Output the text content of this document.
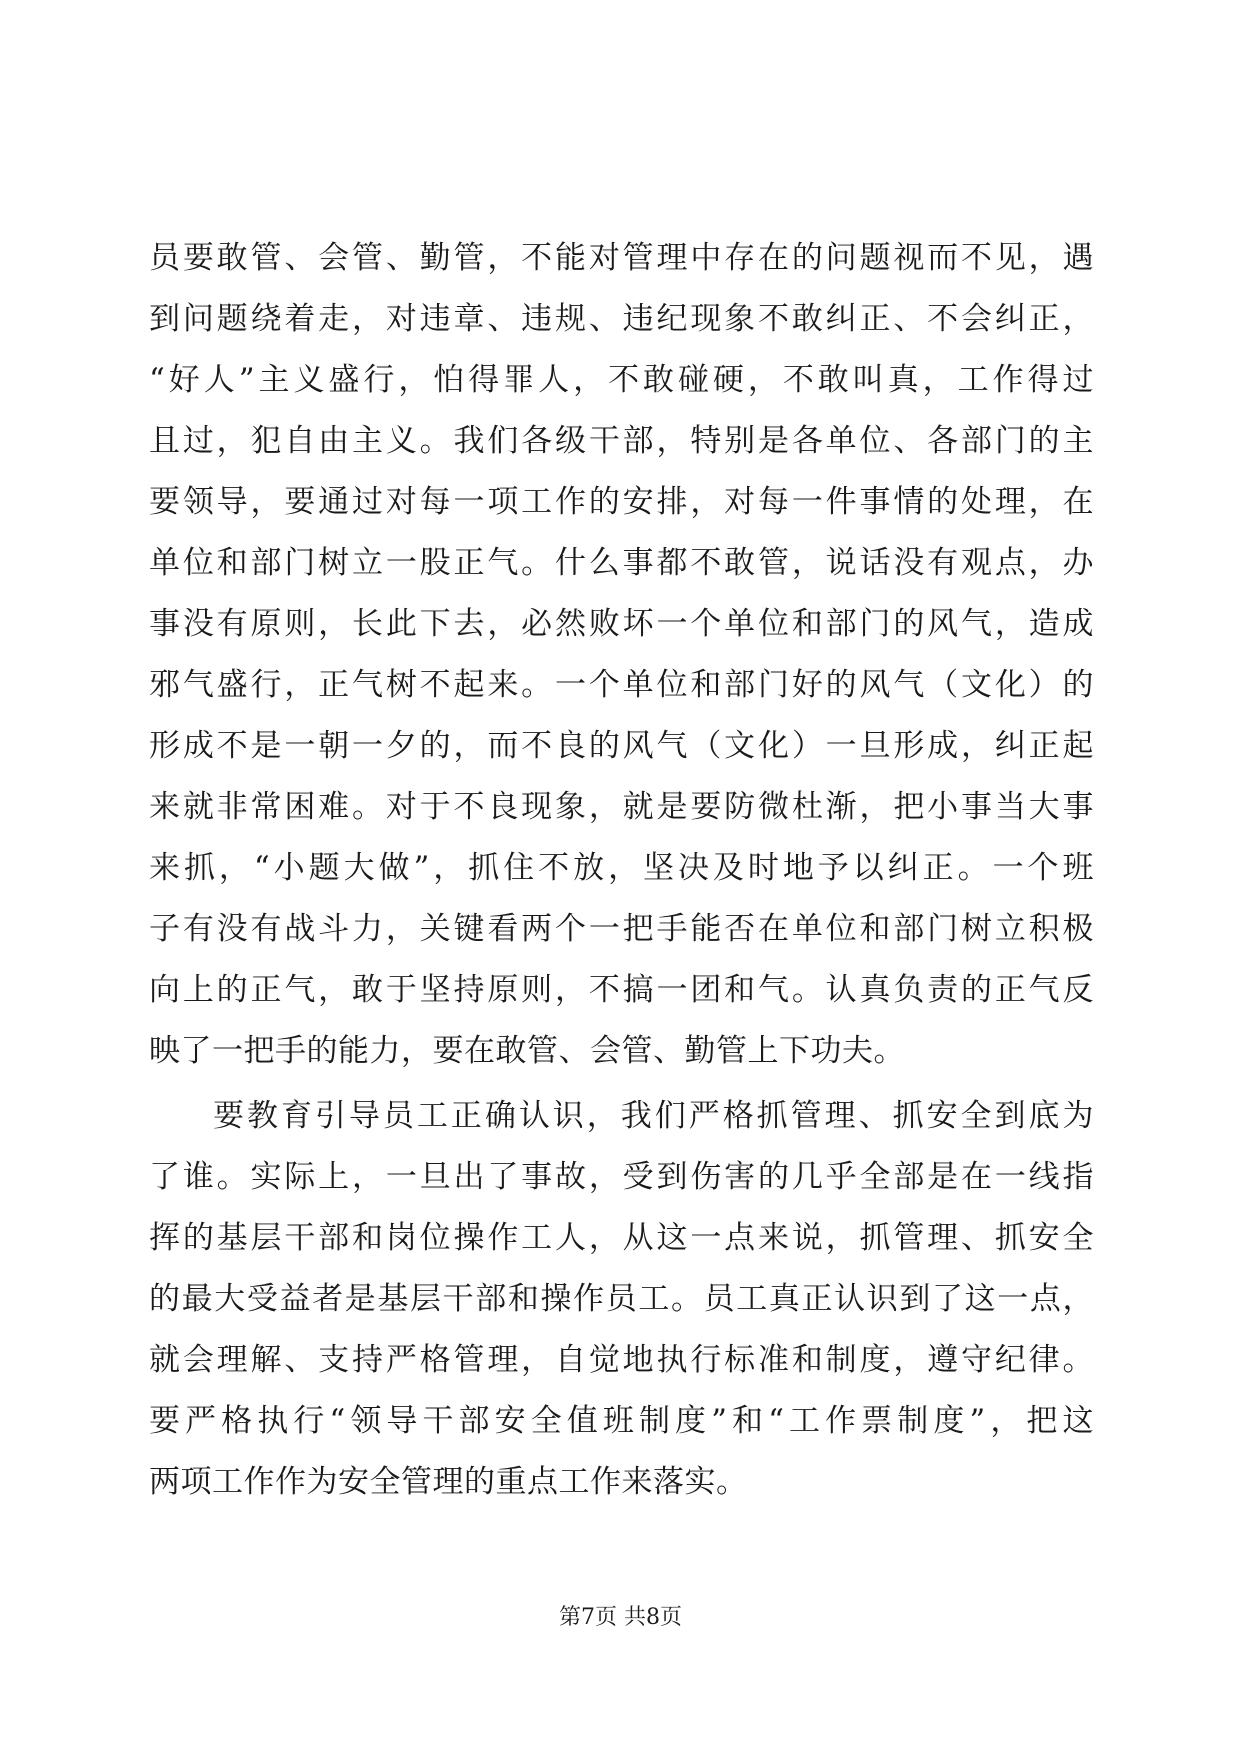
员要敢管、会管、勤管，不能对管理中存在的问题视而不见，遇
到问题绕着走，对违章、违规、违纪现象不敢纠正、不会纠正，
“好人”主义盛行，怕得罪人，不敢碰硬，不敢叫真，工作得过
且过，犯自由主义。我们各级干部，特别是各单位、各部门的主
要领导，要通过对每一项工作的安排，对每一件事情的处理，在
单位和部门树立一股正气。什么事都不敢管，说话没有观点，办
事没有原则，长此下去，必然败坏一个单位和部门的风气，造成
邪气盛行，正气树不起来。一个单位和部门好的风气（文化）的
形成不是一朝一夕的，而不良的风气（文化）一旦形成，纠正起
来就非常困难。对于不良现象，就是要防微杜渐，把小事当大事
来抓，“小题大做”，抓住不放，坚决及时地予以纠正。一个班
子有没有战斗力，关键看两个一把手能否在单位和部门树立积极
向上的正气，敢于坚持原则，不搞一团和气。认真负责的正气反
映了一把手的能力，要在敢管、会管、勤管上下功夫。
要教育引导员工正确认识，我们严格抓管理、抓安全到底为
了谁。实际上，一旦出了事故，受到伤害的几乎全部是在一线指
挥的基层干部和岗位操作工人，从这一点来说，抓管理、抓安全
的最大受益者是基层干部和操作员工。员工真正认识到了这一点，
就会理解、支持严格管理，自觉地执行标准和制度，遵守纪律。
要严格执行“领导干部安全值班制度”和“工作票制度”，把这
两项工作作为安全管理的重点工作来落实。
第7页 共8页
